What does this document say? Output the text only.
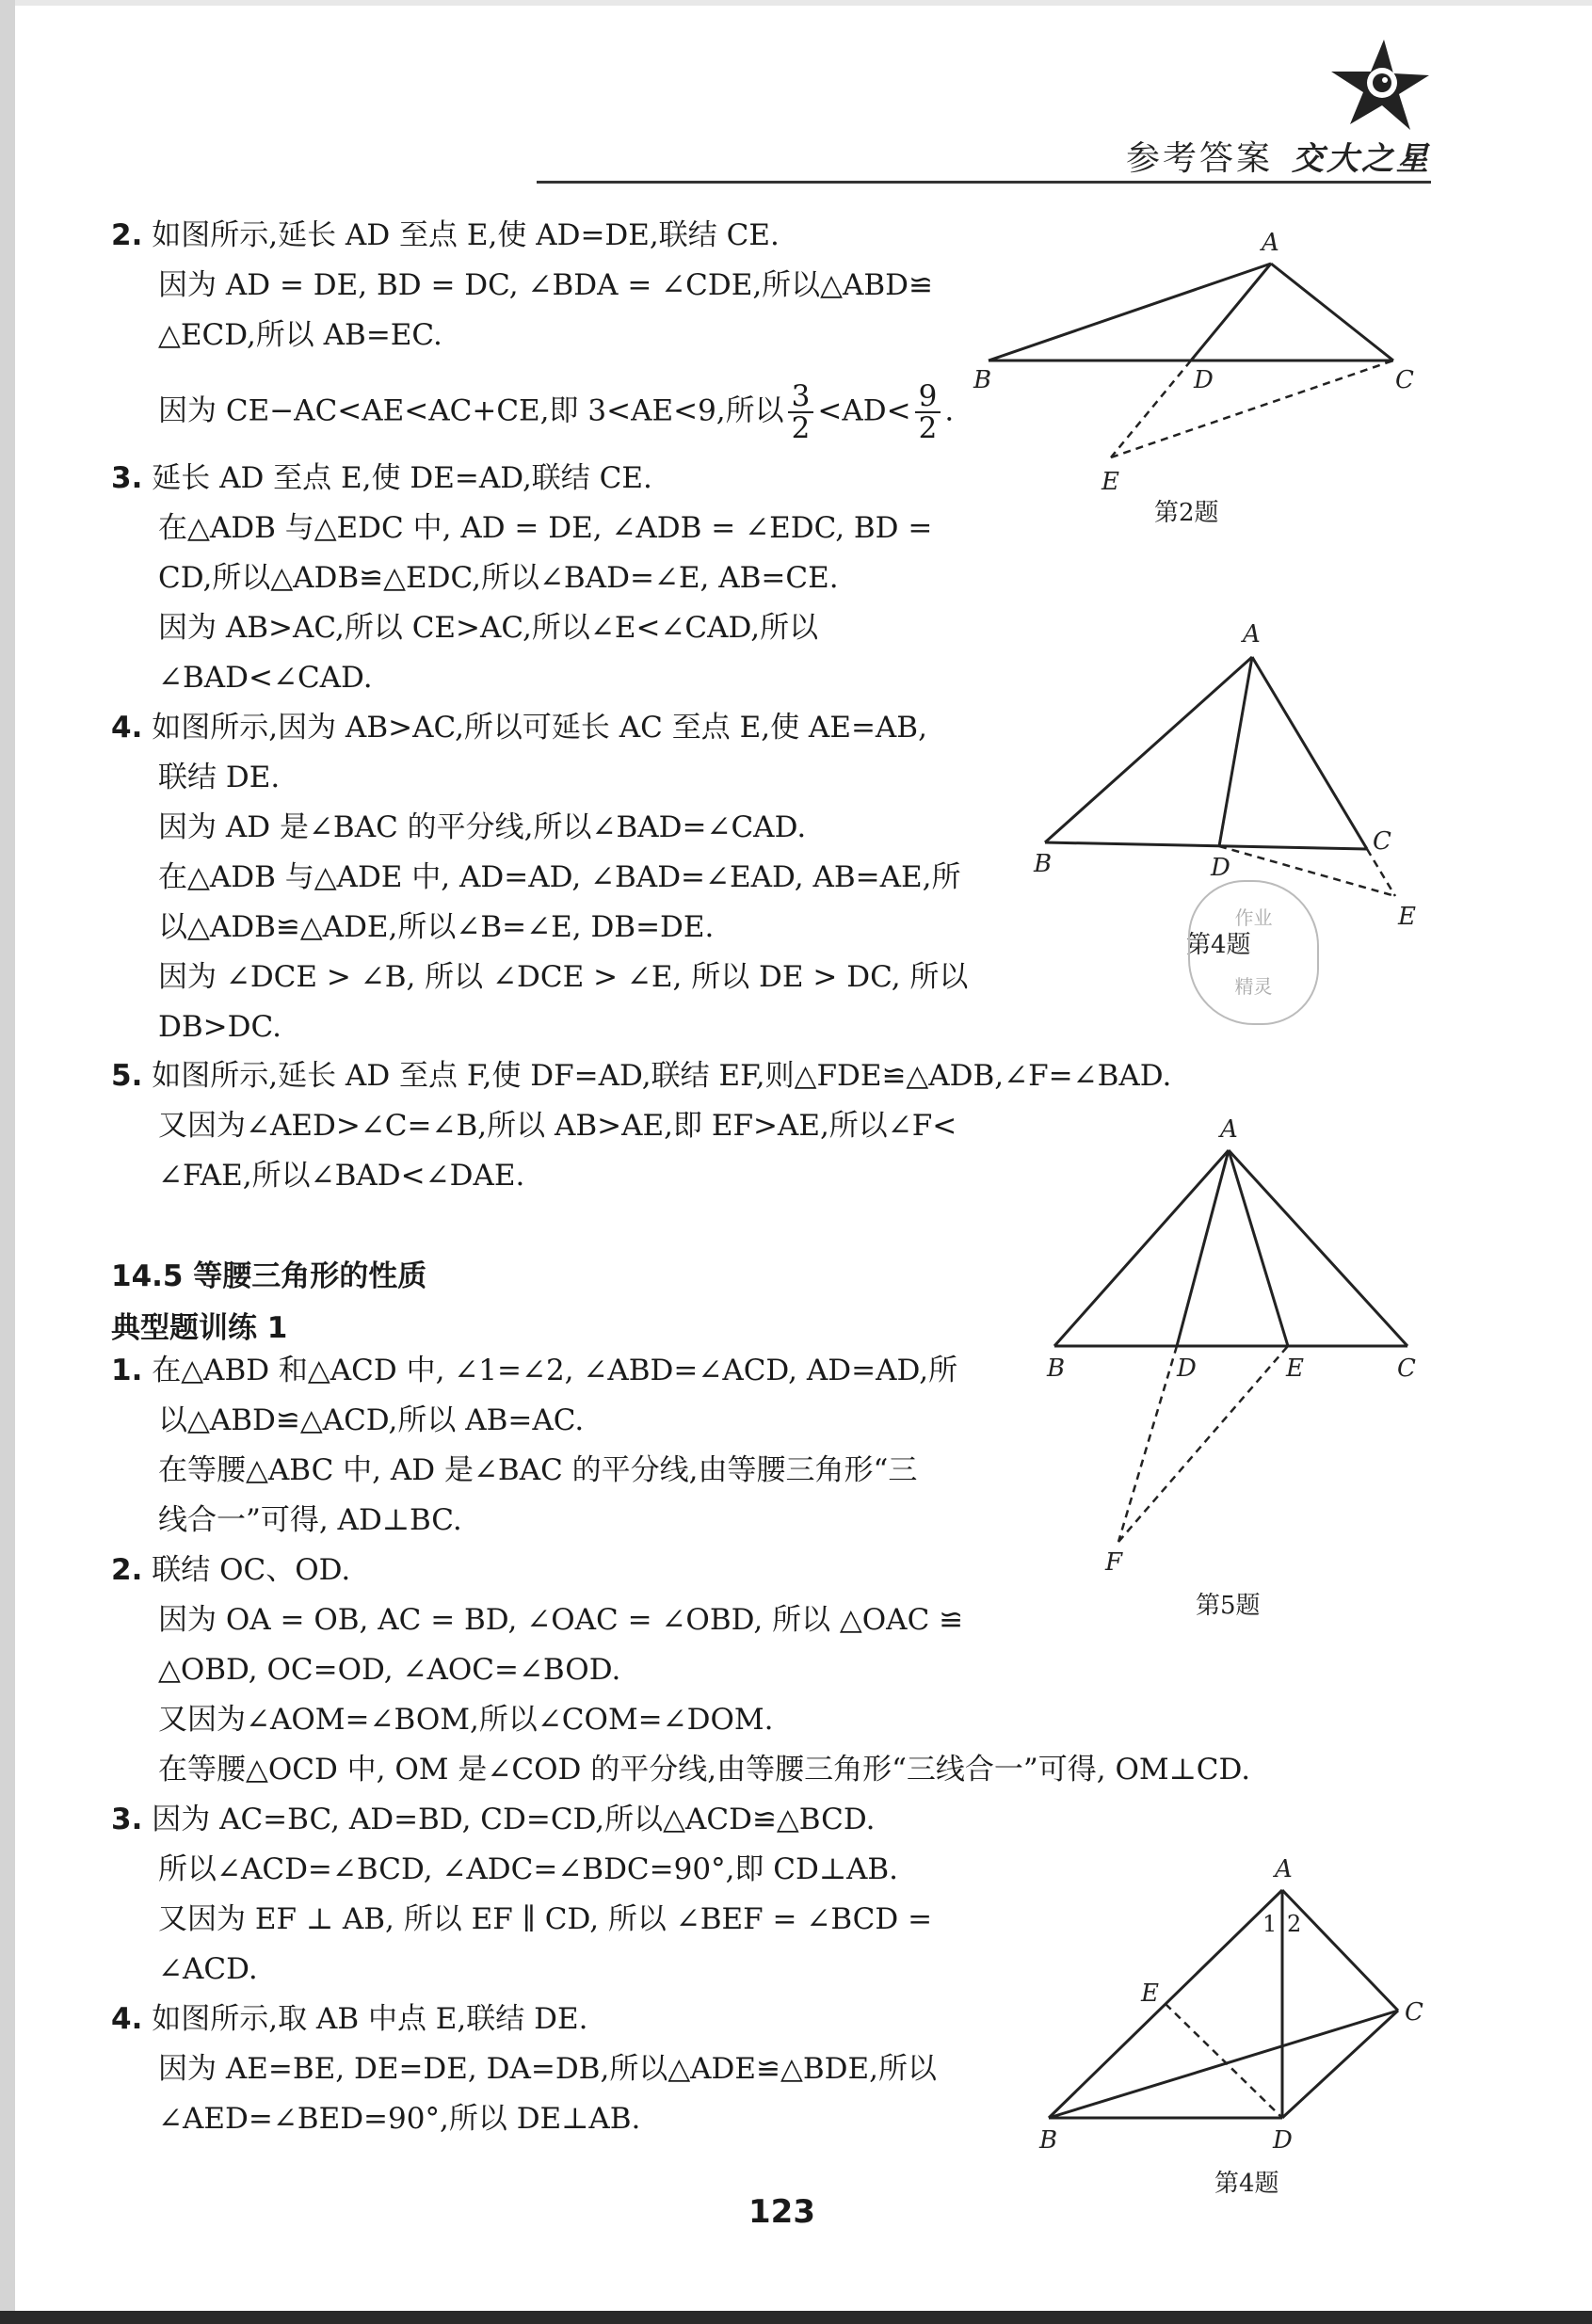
参考答案 交大之星
2. 如图所示,延长 AD 至点 E,使 AD=DE,联结 CE.
因为 AD = DE, BD = DC, ∠BDA = ∠CDE,所以△ABD≌
△ECD,所以 AB=EC.
因为 CE−AC<AE<AC+CE,即 3<AE<9,所以 $\frac{3}{2} <AD< \frac{9}{2}$ .
3. 延长 AD 至点 E,使 DE=AD,联结 CE.
在△ADB 与△EDC 中, AD = DE, ∠ADB = ∠EDC, BD =
CD,所以△ADB≌△EDC,所以∠BAD=∠E, AB=CE.
因为 AB>AC,所以 CE>AC,所以∠E<∠CAD,所以
∠BAD<∠CAD.
4. 如图所示,因为 AB>AC,所以可延长 AC 至点 E,使 AE=AB,
联结 DE.
因为 AD 是∠BAC 的平分线,所以∠BAD=∠CAD.
在△ADB 与△ADE 中, AD=AD, ∠BAD=∠EAD, AB=AE,所
以△ADB≌△ADE,所以∠B=∠E, DB=DE.
因为 ∠DCE > ∠B, 所以 ∠DCE > ∠E, 所以 DE > DC, 所以
DB>DC.
5. 如图所示,延长 AD 至点 F,使 DF=AD,联结 EF,则△FDE≌△ADB,∠F=∠BAD.
又因为∠AED>∠C=∠B,所以 AB>AE,即 EF>AE,所以∠F<
∠FAE,所以∠BAD<∠DAE.
14.5 等腰三角形的性质
典型题训练 1
1. 在△ABD 和△ACD 中, ∠1=∠2, ∠ABD=∠ACD, AD=AD,所
以△ABD≌△ACD,所以 AB=AC.
在等腰△ABC 中, AD 是∠BAC 的平分线,由等腰三角形“三
线合一”可得, AD⊥BC.
2. 联结 OC、OD.
因为 OA = OB, AC = BD, ∠OAC = ∠OBD, 所以 △OAC ≌
△OBD, OC=OD, ∠AOC=∠BOD.
又因为∠AOM=∠BOM,所以∠COM=∠DOM.
在等腰△OCD 中, OM 是∠COD 的平分线,由等腰三角形“三线合一”可得, OM⊥CD.
3. 因为 AC=BC, AD=BD, CD=CD,所以△ACD≌△BCD.
所以∠ACD=∠BCD, ∠ADC=∠BDC=90°,即 CD⊥AB.
又因为 EF ⊥ AB, 所以 EF ∥ CD, 所以 ∠BEF = ∠BCD =
∠ACD.
4. 如图所示,取 AB 中点 E,联结 DE.
因为 AE=BE, DE=DE, DA=DB,所以△ADE≌△BDE,所以
∠AED=∠BED=90°,所以 DE⊥AB.
A
B	C
D
E
第2题
A
B
C
D
E
第4题
作业
精灵
A
B	C
D	E
F
第5题
A
B
C
D
E
1 2
第4题
123
